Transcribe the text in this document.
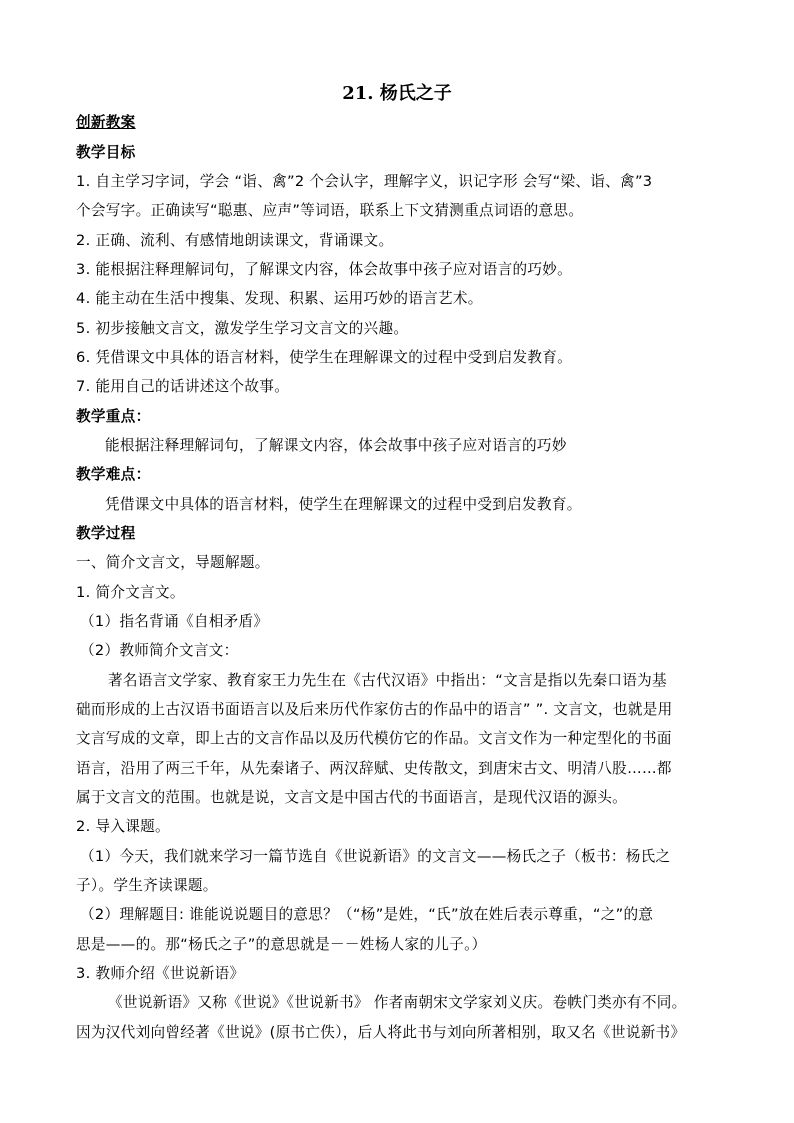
21. 杨氏之子
创新教案
教学目标
1. 自主学习字词，学会 “诣、禽”2 个会认字，理解字义，识记字形 会写“梁、诣、禽”3
个会写字。正确读写“聪惠、应声”等词语，联系上下文猜测重点词语的意思。
2. 正确、流利、有感情地朗读课文，背诵课文。
3. 能根据注释理解词句，了解课文内容，体会故事中孩子应对语言的巧妙。
4. 能主动在生活中搜集、发现、积累、运用巧妙的语言艺术。
5. 初步接触文言文，激发学生学习文言文的兴趣。
6. 凭借课文中具体的语言材料，使学生在理解课文的过程中受到启发教育。
7. 能用自己的话讲述这个故事。
教学重点：
能根据注释理解词句，了解课文内容，体会故事中孩子应对语言的巧妙
教学难点：
凭借课文中具体的语言材料，使学生在理解课文的过程中受到启发教育。
教学过程
一、简介文言文，导题解题。
1. 简介文言文。
（1）指名背诵《自相矛盾》
（2）教师简介文言文：
著名语言文学家、教育家王力先生在《古代汉语》中指出：“文言是指以先秦口语为基
础而形成的上古汉语书面语言以及后来历代作家仿古的作品中的语言” ”. 文言文，也就是用
文言写成的文章，即上古的文言作品以及历代模仿它的作品。文言文作为一种定型化的书面
语言，沿用了两三千年，从先秦诸子、两汉辞赋、史传散文，到唐宋古文、明清八股……都
属于文言文的范围。也就是说，文言文是中国古代的书面语言，是现代汉语的源头。
2. 导入课题。
（1）今天，我们就来学习一篇节选自《世说新语》的文言文——杨氏之子（板书：杨氏之
子）。学生齐读课题。
（2）理解题目: 谁能说说题目的意思？（“杨”是姓，“氏”放在姓后表示尊重，“之”的意
思是——的。那“杨氏之子”的意思就是－－姓杨人家的儿子。）
3. 教师介绍《世说新语》
《世说新语》又称《世说》《世说新书》 作者南朝宋文学家刘义庆。卷帙门类亦有不同。
因为汉代刘向曾经著《世说》(原书亡佚），后人将此书与刘向所著相别，取又名《世说新书》
